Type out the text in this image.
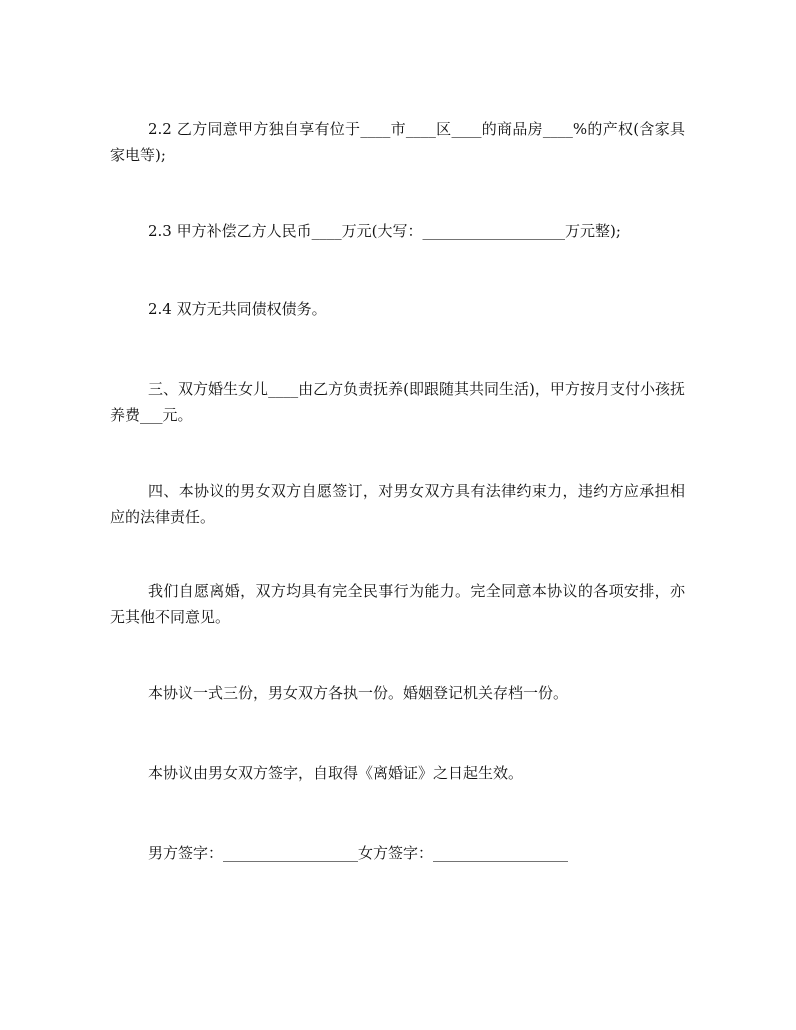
2.2 乙方同意甲方独自享有位于____市____区____的商品房____%的产权(含家具家电等);

2.3 甲方补偿乙方人民币____万元(大写：___________________万元整);

2.4 双方无共同债权债务。

三、双方婚生女儿____由乙方负责抚养(即跟随其共同生活)，甲方按月支付小孩抚养费___元。

四、本协议的男女双方自愿签订，对男女双方具有法律约束力，违约方应承担相应的法律责任。

我们自愿离婚，双方均具有完全民事行为能力。完全同意本协议的各项安排，亦无其他不同意见。

本协议一式三份，男女双方各执一份。婚姻登记机关存档一份。

本协议由男女双方签字，自取得《离婚证》之日起生效。

男方签字：__________________女方签字：__________________
